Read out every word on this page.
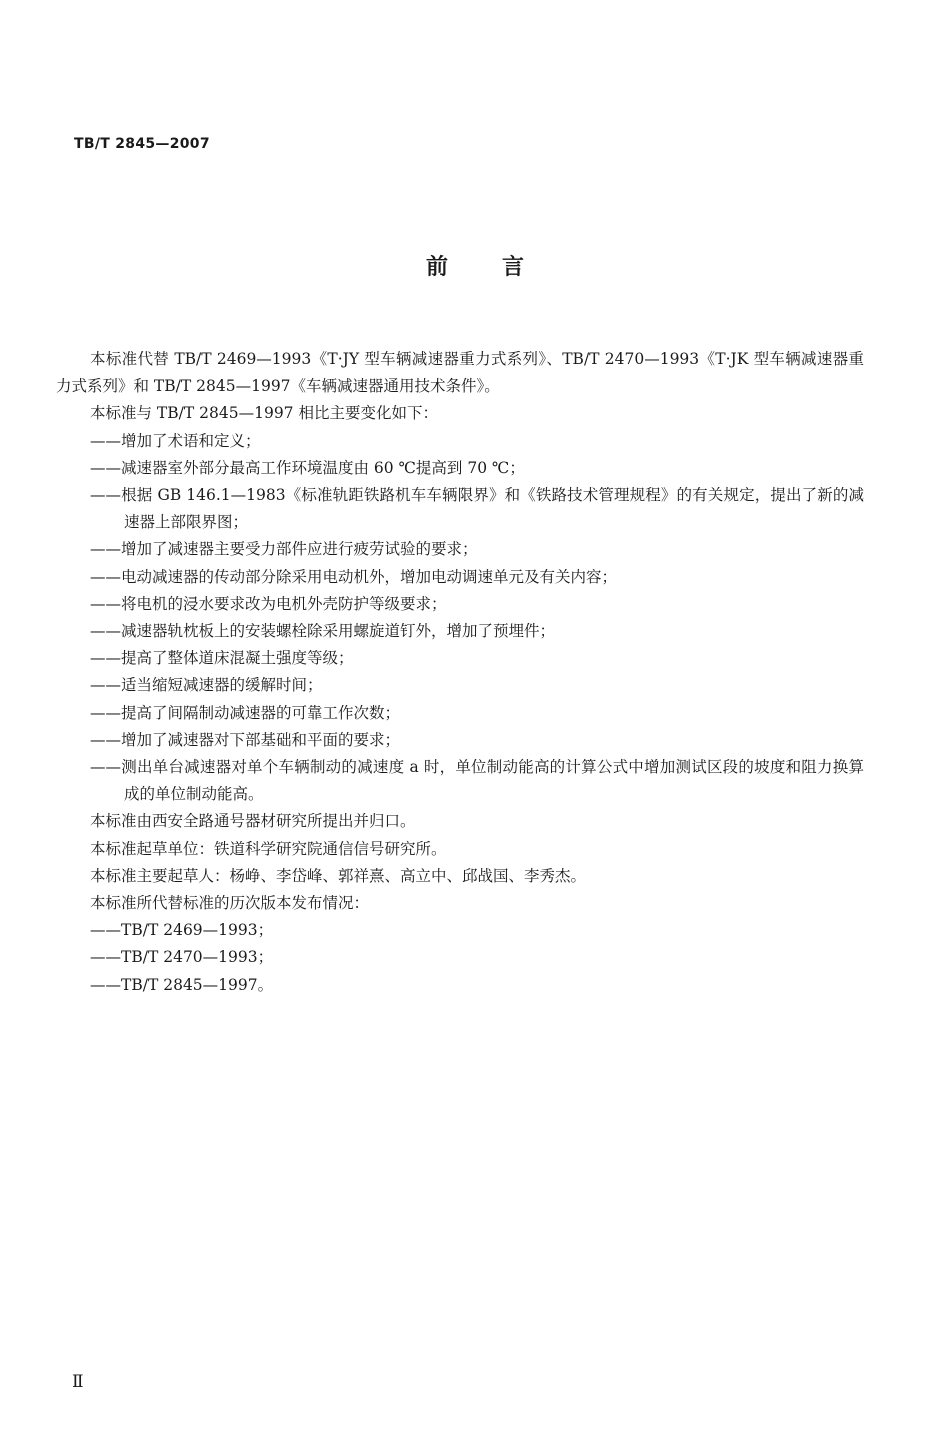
TB/T 2845—2007
前 言

本标准代替 TB/T 2469—1993《T·JY 型车辆减速器重力式系列》、TB/T 2470—1993《T·JK 型车辆减速器重力式系列》和 TB/T 2845—1997《车辆减速器通用技术条件》。

本标准与 TB/T 2845—1997 相比主要变化如下：

——增加了术语和定义；

——减速器室外部分最高工作环境温度由 60 ℃提高到 70 ℃；

——根据 GB 146.1—1983《标准轨距铁路机车车辆限界》和《铁路技术管理规程》的有关规定，提出了新的减速器上部限界图；

——增加了减速器主要受力部件应进行疲劳试验的要求；

——电动减速器的传动部分除采用电动机外，增加电动调速单元及有关内容；

——将电机的浸水要求改为电机外壳防护等级要求；

——减速器轨枕板上的安装螺栓除采用螺旋道钉外，增加了预埋件；

——提高了整体道床混凝土强度等级；

——适当缩短减速器的缓解时间；

——提高了间隔制动减速器的可靠工作次数；

——增加了减速器对下部基础和平面的要求；

——测出单台减速器对单个车辆制动的减速度 a 时，单位制动能高的计算公式中增加测试区段的坡度和阻力换算成的单位制动能高。

本标准由西安全路通号器材研究所提出并归口。

本标准起草单位：铁道科学研究院通信信号研究所。

本标准主要起草人：杨峥、李岱峰、郭祥熹、高立中、邱战国、李秀杰。

本标准所代替标准的历次版本发布情况：

——TB/T 2469—1993；

——TB/T 2470—1993；

——TB/T 2845—1997。

Ⅱ
